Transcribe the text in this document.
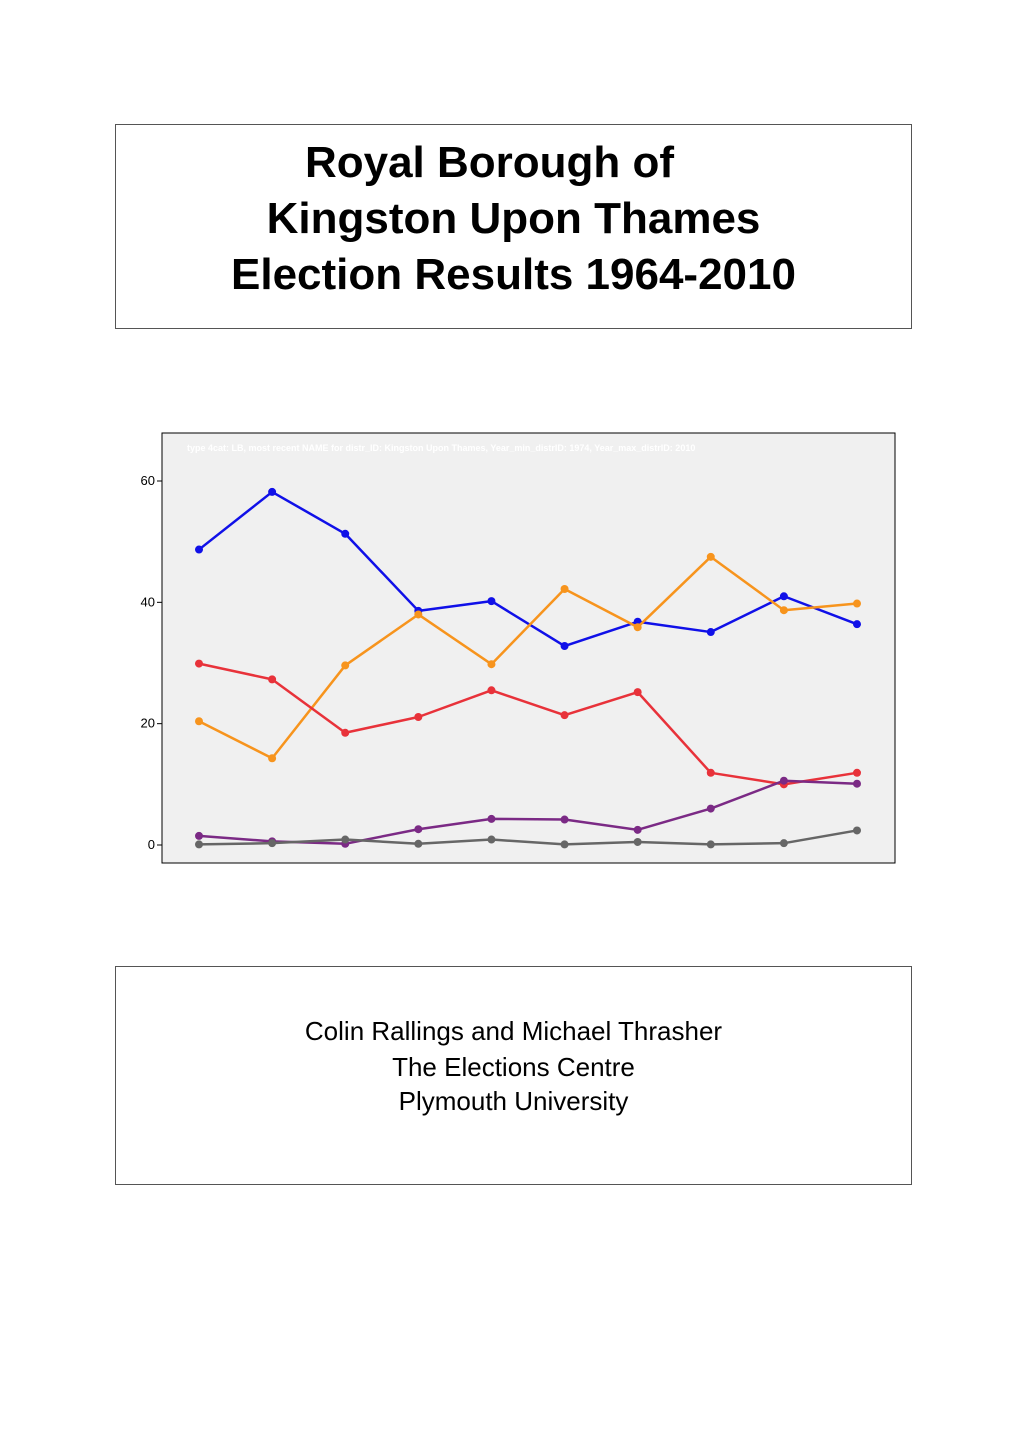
Royal Borough of
Kingston Upon Thames
Election Results 1964-2010
type 4cat: LB, most recent NAME for distr_ID: Kingston Upon Thames, Year_min_distrID: 1974, Year_max_distrID: 2010
0
20
40
60
Colin Rallings and Michael Thrasher
The Elections Centre
Plymouth University
